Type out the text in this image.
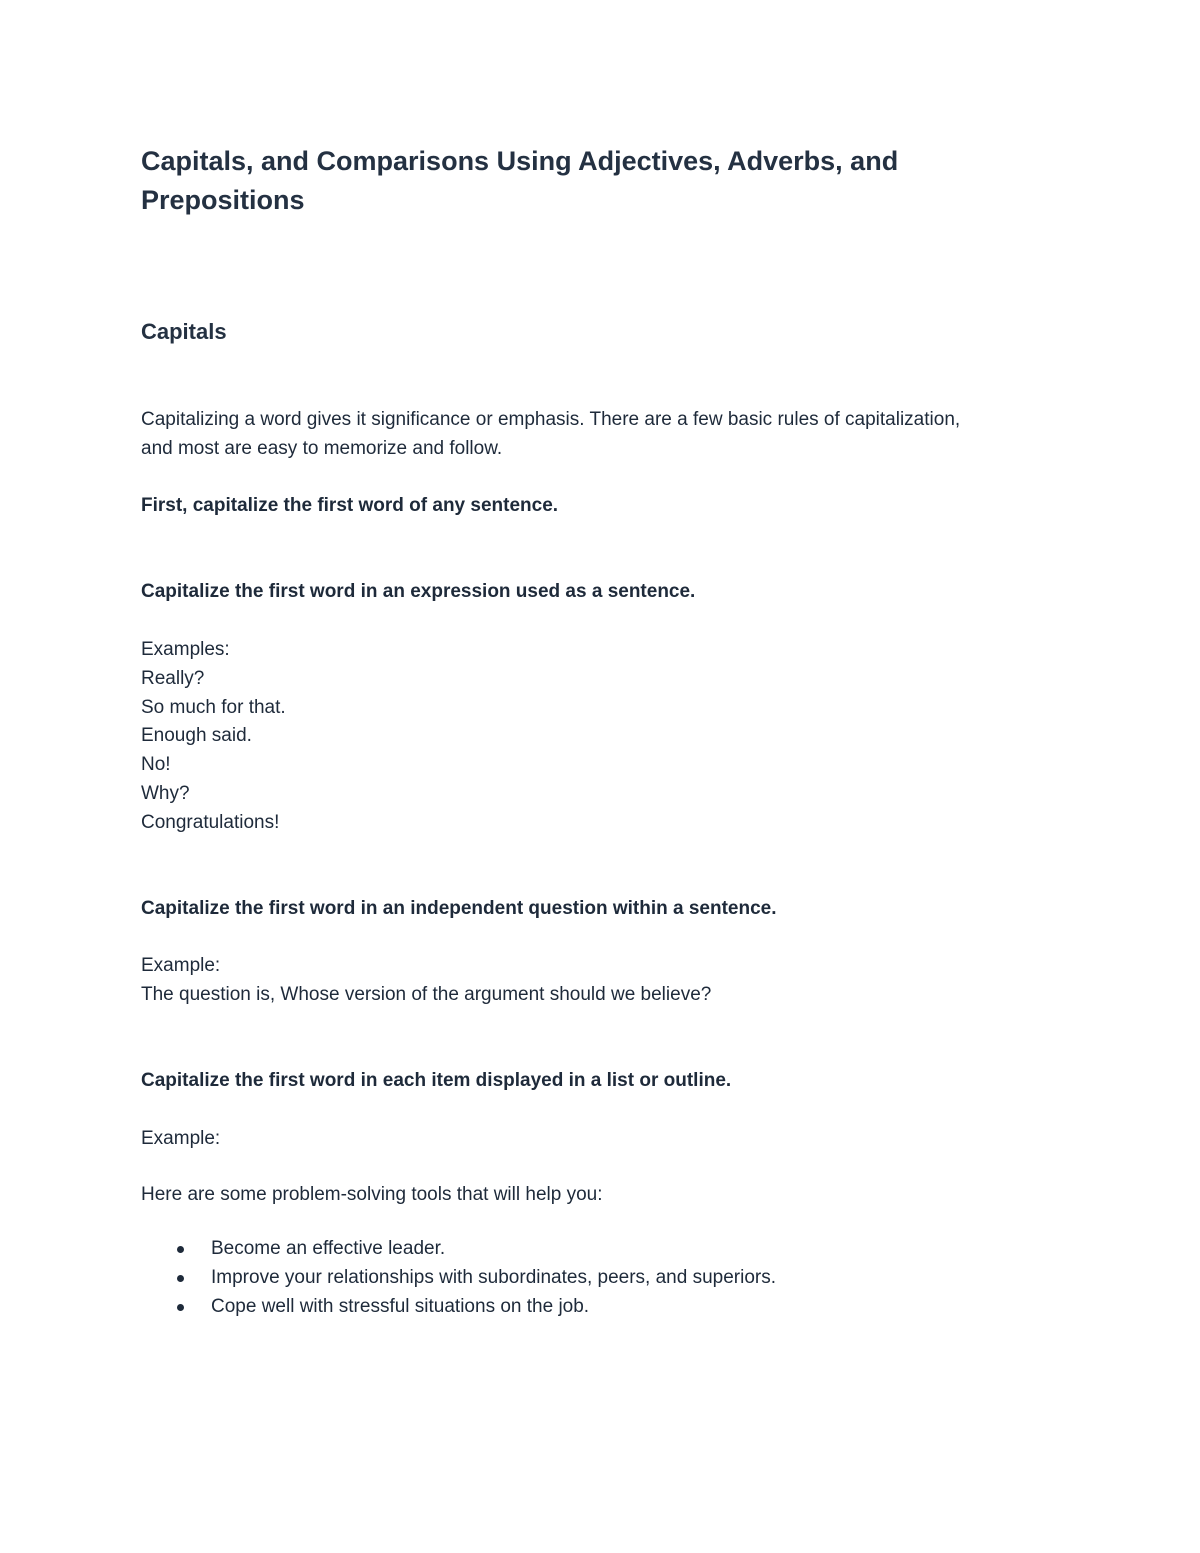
Capitals, and Comparisons Using Adjectives, Adverbs, and Prepositions
Capitals

Capitalizing a word gives it significance or emphasis. There are a few basic rules of capitalization,
and most are easy to memorize and follow.

First, capitalize the first word of any sentence.

Capitalize the first word in an expression used as a sentence.

Examples:
Really?
So much for that.
Enough said.
No!
Why?
Congratulations!

Capitalize the first word in an independent question within a sentence.

Example:
The question is, Whose version of the argument should we believe?

Capitalize the first word in each item displayed in a list or outline.

Example:

Here are some problem-solving tools that will help you:

Become an effective leader.
Improve your relationships with subordinates, peers, and superiors.
Cope well with stressful situations on the job.
